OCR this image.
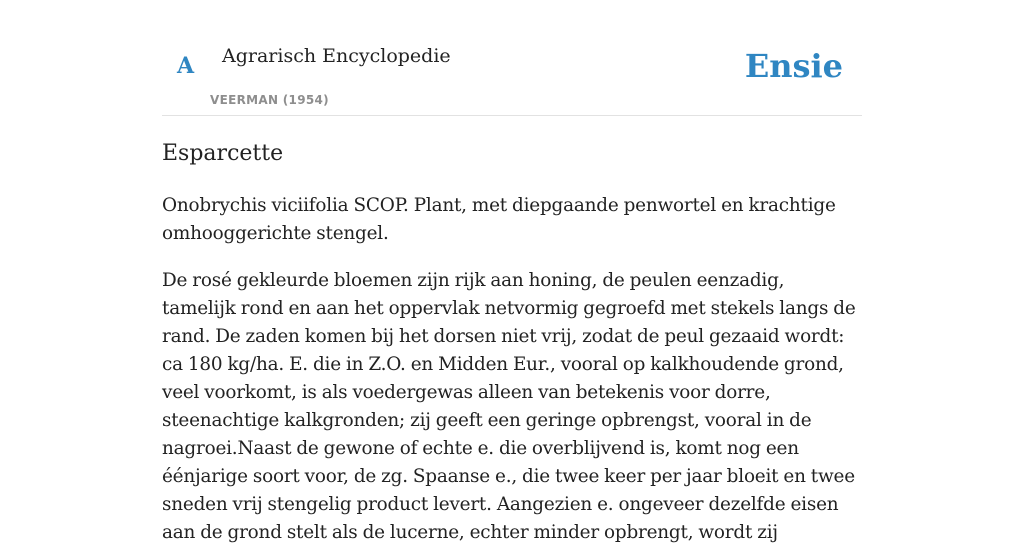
A Agrarisch Encyclopedie
VEERMAN (1954)
Ensie
Esparcette

Onobrychis viciifolia SCOP. Plant, met diepgaande penwortel en krachtige omhooggerichte stengel.

De rosé gekleurde bloemen zijn rijk aan honing, de peulen eenzadig, tamelijk rond en aan het oppervlak netvormig gegroefd met stekels langs de rand. De zaden komen bij het dorsen niet vrij, zodat de peul gezaaid wordt: ca 180 kg/ha. E. die in Z.O. en Midden Eur., vooral op kalkhoudende grond, veel voorkomt, is als voedergewas alleen van betekenis voor dorre, steenachtige kalkgronden; zij geeft een geringe opbrengst, vooral in de nagroei.Naast de gewone of echte e. die overblijvend is, komt nog een éénjarige soort voor, de zg. Spaanse e., die twee keer per jaar bloeit en twee sneden vrij stengelig product levert. Aangezien e. ongeveer dezelfde eisen aan de grond stelt als de lucerne, echter minder opbrengt, wordt zij
